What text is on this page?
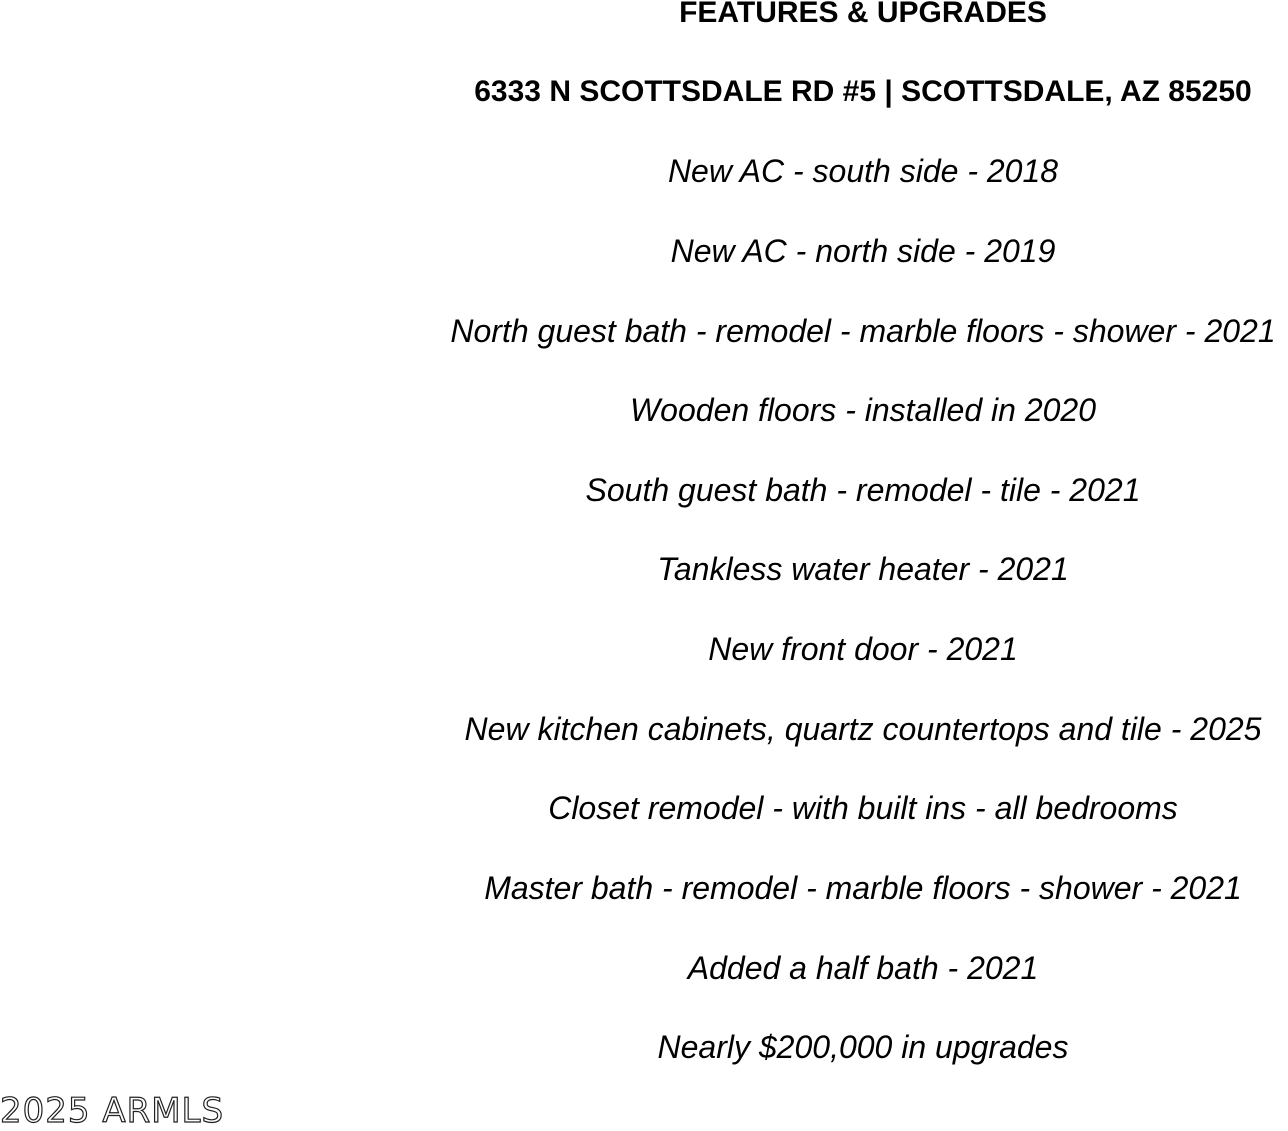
FEATURES & UPGRADES
6333 N SCOTTSDALE RD #5 | SCOTTSDALE, AZ 85250
New AC - south side - 2018
New AC - north side - 2019
North guest bath - remodel - marble floors - shower - 2021
Wooden floors - installed in 2020
South guest bath - remodel - tile - 2021
Tankless water heater - 2021
New front door - 2021
New kitchen cabinets, quartz countertops and tile - 2025
Closet remodel - with built ins - all bedrooms
Master bath - remodel - marble floors - shower - 2021
Added a half bath - 2021
Nearly $200,000 in upgrades
2025 ARMLS
